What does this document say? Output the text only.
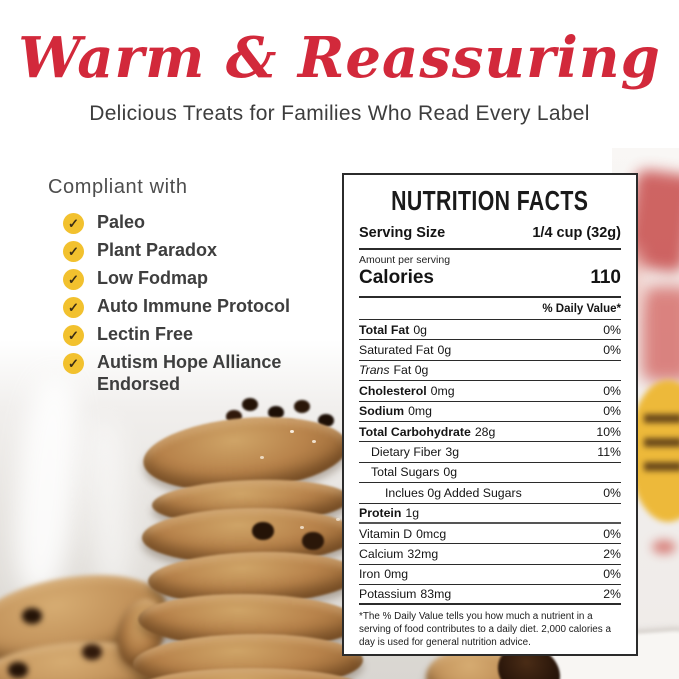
Warm & Reassuring
Delicious Treats for Families Who Read Every Label
Compliant with
✓ Paleo
✓ Plant Paradox
✓ Low Fodmap
✓ Auto Immune Protocol
✓ Lectin Free
✓ Autism Hope Alliance Endorsed
NUTRITION FACTS
Serving Size	1/4 cup (32g)
Amount per serving
Calories	110
% Daily Value*
Total Fat 0g	0%
Saturated Fat 0g	0%
Trans Fat 0g
Cholesterol 0mg	0%
Sodium 0mg	0%
Total Carbohydrate 28g	10%
Dietary Fiber 3g	11%
Total Sugars 0g
Inclues 0g Added Sugars	0%
Protein 1g
Vitamin D 0mcg	0%
Calcium 32mg	2%
Iron 0mg	0%
Potassium 83mg	2%
*The % Daily Value tells you how much a nutrient in a serving of food contributes to a daily diet. 2,000 calories a day is used for general nutrition advice.
